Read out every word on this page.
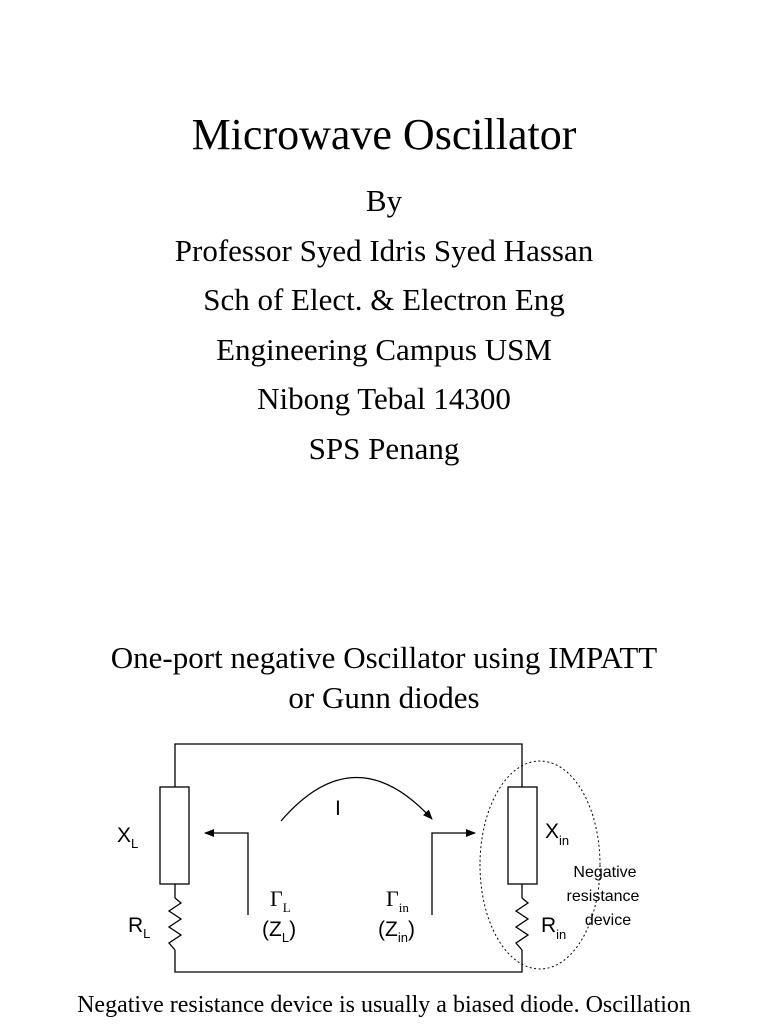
Microwave Oscillator
By
Professor Syed Idris Syed Hassan
Sch of Elect. & Electron Eng
Engineering Campus USM
Nibong Tebal 14300
SPS Penang
One-port negative Oscillator using IMPATT
or Gunn diodes
$X_L$
$R_L$
I
$\Gamma_L$
$(Z_L)$
$\Gamma_{in}$
$(Z_{in})$
$X_{in}$
$R_{in}$
Negative
resistance
device
Negative resistance device is usually a biased diode. Oscillation
